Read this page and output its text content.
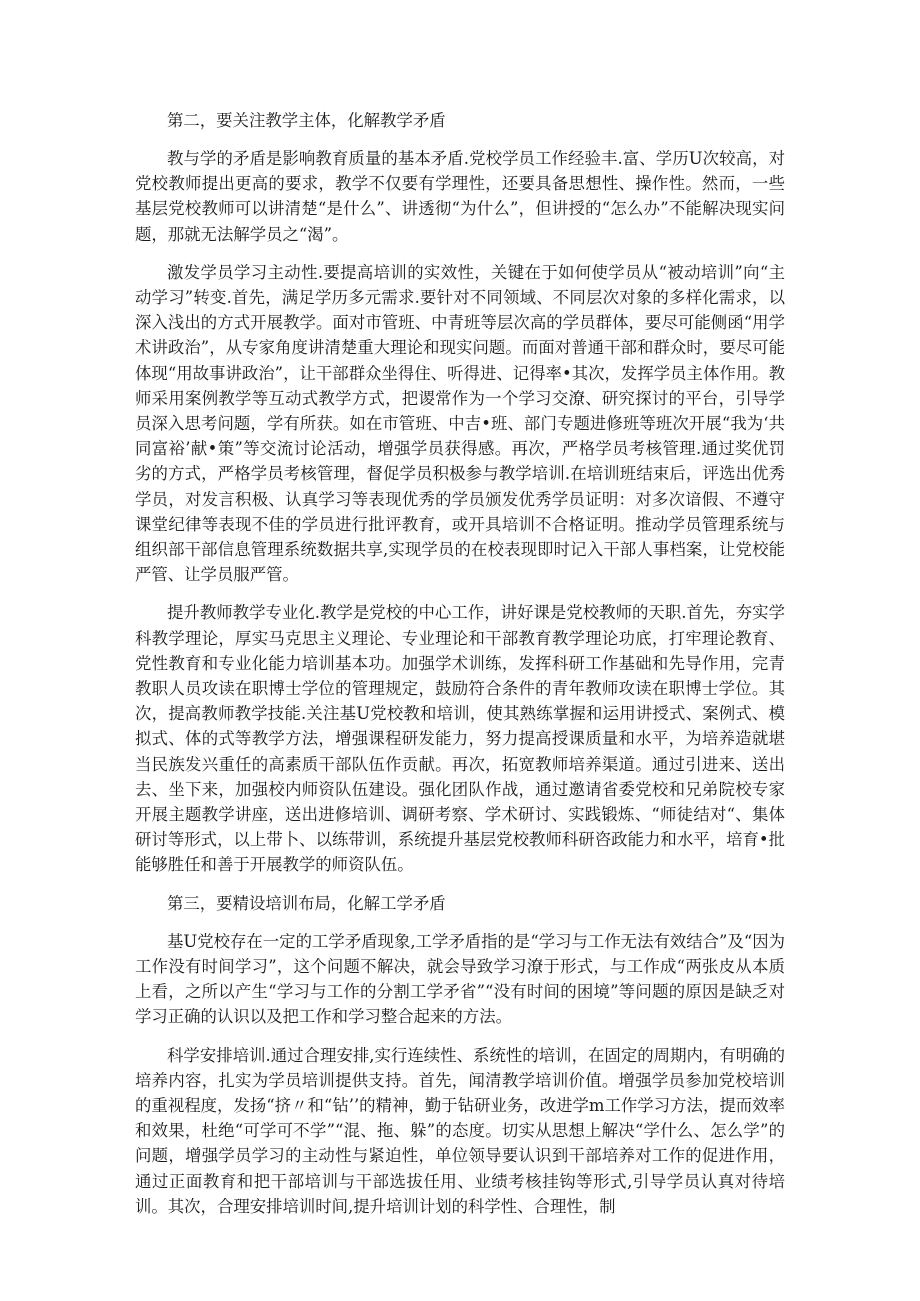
第二，要关注教学主体，化解教学矛盾

教与学的矛盾是影响教育质量的基本矛盾.党校学员工作经验丰.富、学历U次较高，对党校教师提出更高的要求，教学不仅要有学理性，还要具备思想性、操作性。然而，一些基层党校教师可以讲清楚“是什么”、讲透彻“为什么”，但讲授的“怎么办”不能解决现实问题，那就无法解学员之“渴”。

激发学员学习主动性.要提高培训的实效性，关键在于如何使学员从“被动培训”向“主动学习”转变.首先，满足学历多元需求.要针对不同领域、不同层次对象的多样化需求，以深入浅出的方式开展教学。面对市管班、中青班等层次高的学员群体，要尽可能侧函“用学术讲政治”，从专家角度讲清楚重大理论和现实问题。而面对普通干部和群众时，要尽可能体现“用故事讲政治”，让干部群众坐得住、听得进、记得率•其次，发挥学员主体作用。教师采用案例教学等互动式教学方式，把谡常作为一个学习交潦、研究探讨的平台，引导学员深入思考问题，学有所获。如在市管班、中吉•班、部门专题进修班等班次开展“我为‘共同富裕’献•策”等交流讨论活动，增强学员获得感。再次，严格学员考核管理.通过奖优罚劣的方式，严格学员考核管理，督促学员积极参与教学培训.在培训班结束后，评选出优秀学员，对发言积极、认真学习等表现优秀的学员颁发优秀学员证明：对多次谙假、不遵守课堂纪律等表现不佳的学员进行批评教育，或开具培训不合格证明。推动学员管理系统与组织部干部信息管理系统数据共享,实现学员的在校表现即时记入干部人事档案，让党校能严管、让学员服严管。

提升教师教学专业化.教学是党校的中心工作，讲好课是党校教师的天职.首先，夯实学科教学理论，厚实马克思主义理论、专业理论和干部教育教学理论功底，打牢理论教育、党性教育和专业化能力培训基本功。加强学术训练，发挥科研工作基础和先导作用，完青教职人员攻读在职博士学位的管理规定，鼓励符合条件的青年教师攻读在职博士学位。其次，提高教师教学技能.关注基U党校教和培训，使其熟练掌握和运用讲授式、案例式、模拟式、体的式等教学方法，增强课程研发能力，努力提高授课质量和水平，为培养造就堪当民族发兴重任的高素质干部队伍作贡献。再次，拓宽教师培养渠道。通过引进来、送出去、坐下来，加强校内师资队伍建设。强化团队作战，通过邀请省委党校和兄弟院校专家开展主题教学讲座，送出进修培训、调研考察、学术研讨、实践锻炼、“师徒结对“、集体研讨等形式，以上带卜、以练带训，系统提升基层党校教师科研咨政能力和水平，培育•批能够胜任和善于开展教学的师资队伍。

第三，要精设培训布局，化解工学矛盾

基U党校存在一定的工学矛盾现象,工学矛盾指的是“学习与工作无法有效结合”及“因为工作没有时间学习”，这个问题不解决，就会导致学习潦于形式，与工作成“两张皮从本质上看，之所以产生“学习与工作的分割工学矛省”“没有时间的困境”等问题的原因是缺乏对学习正确的认识以及把工作和学习整合起来的方法。

科学安排培训.通过合理安排,实行连续性、系统性的培训，在固定的周期内，有明确的培养内容，扎实为学员培训提供支持。首先，闻清教学培训价值。增强学员参加党校培训的重视程度，发扬“挤〃和“钻’’的精神，勤于钻研业务，改进学m工作学习方法，提而效率和效果，杜绝“可学可不学”“混、拖、躲”的态度。切实从思想上解决“学什么、怎么学”的问题，增强学员学习的主动性与紧迫性，单位领导要认识到干部培养对工作的促进作用，通过正面教育和把干部培训与干部选拔任用、业绩考核挂钩等形式,引导学员认真对待培训。其次，合理安排培训时间,提升培训计划的科学性、合理性，制
